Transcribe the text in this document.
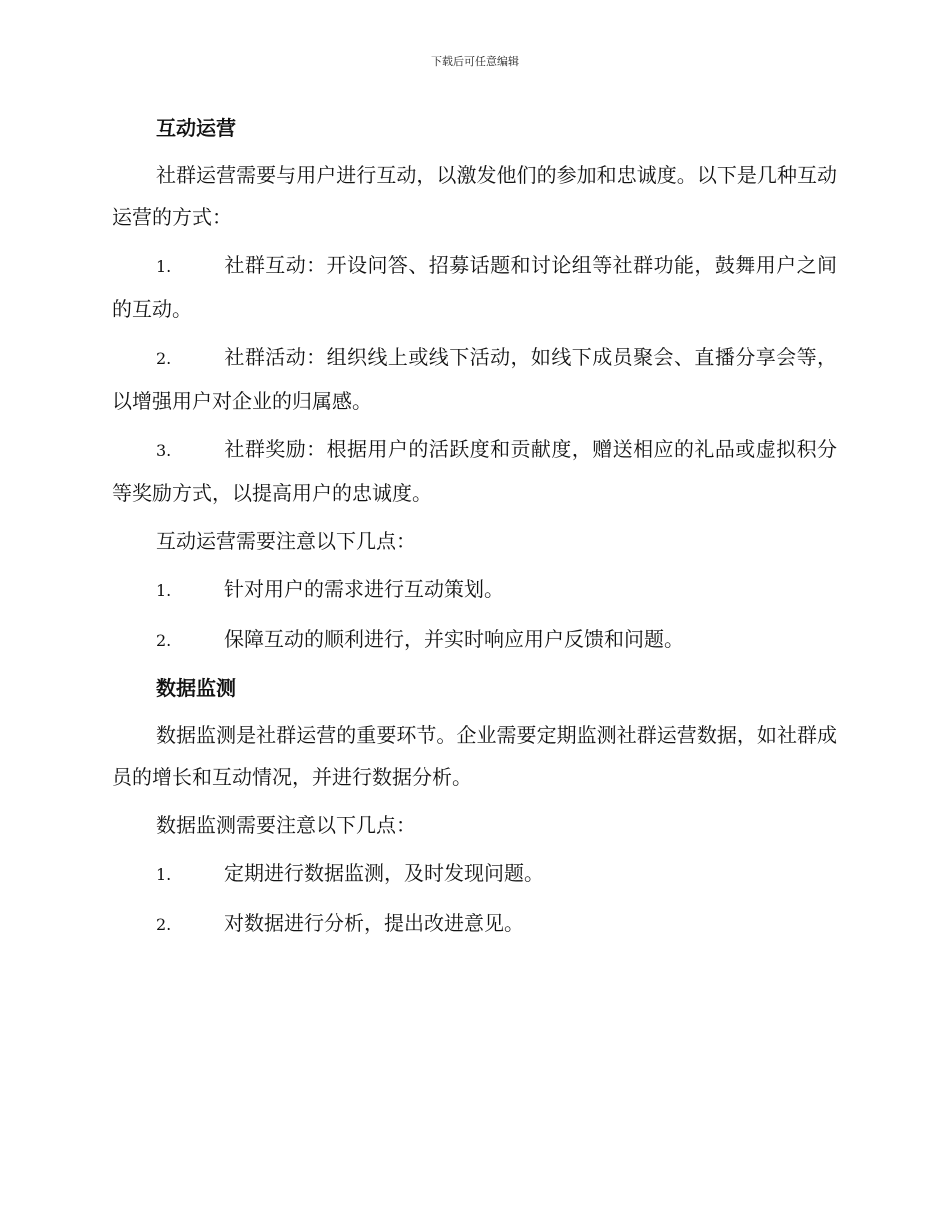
下载后可任意编辑
互动运营

社群运营需要与用户进行互动，以激发他们的参加和忠诚度。以下是几种互动运营的方式：

1.	社群互动：开设问答、招募话题和讨论组等社群功能，鼓舞用户之间的互动。
2.	社群活动：组织线上或线下活动，如线下成员聚会、直播分享会等，以增强用户对企业的归属感。
3.	社群奖励：根据用户的活跃度和贡献度，赠送相应的礼品或虚拟积分等奖励方式，以提高用户的忠诚度。

互动运营需要注意以下几点：

1.	针对用户的需求进行互动策划。
2.	保障互动的顺利进行，并实时响应用户反馈和问题。
数据监测

数据监测是社群运营的重要环节。企业需要定期监测社群运营数据，如社群成员的增长和互动情况，并进行数据分析。

数据监测需要注意以下几点：

1.	定期进行数据监测，及时发现问题。
2.	对数据进行分析，提出改进意见。
